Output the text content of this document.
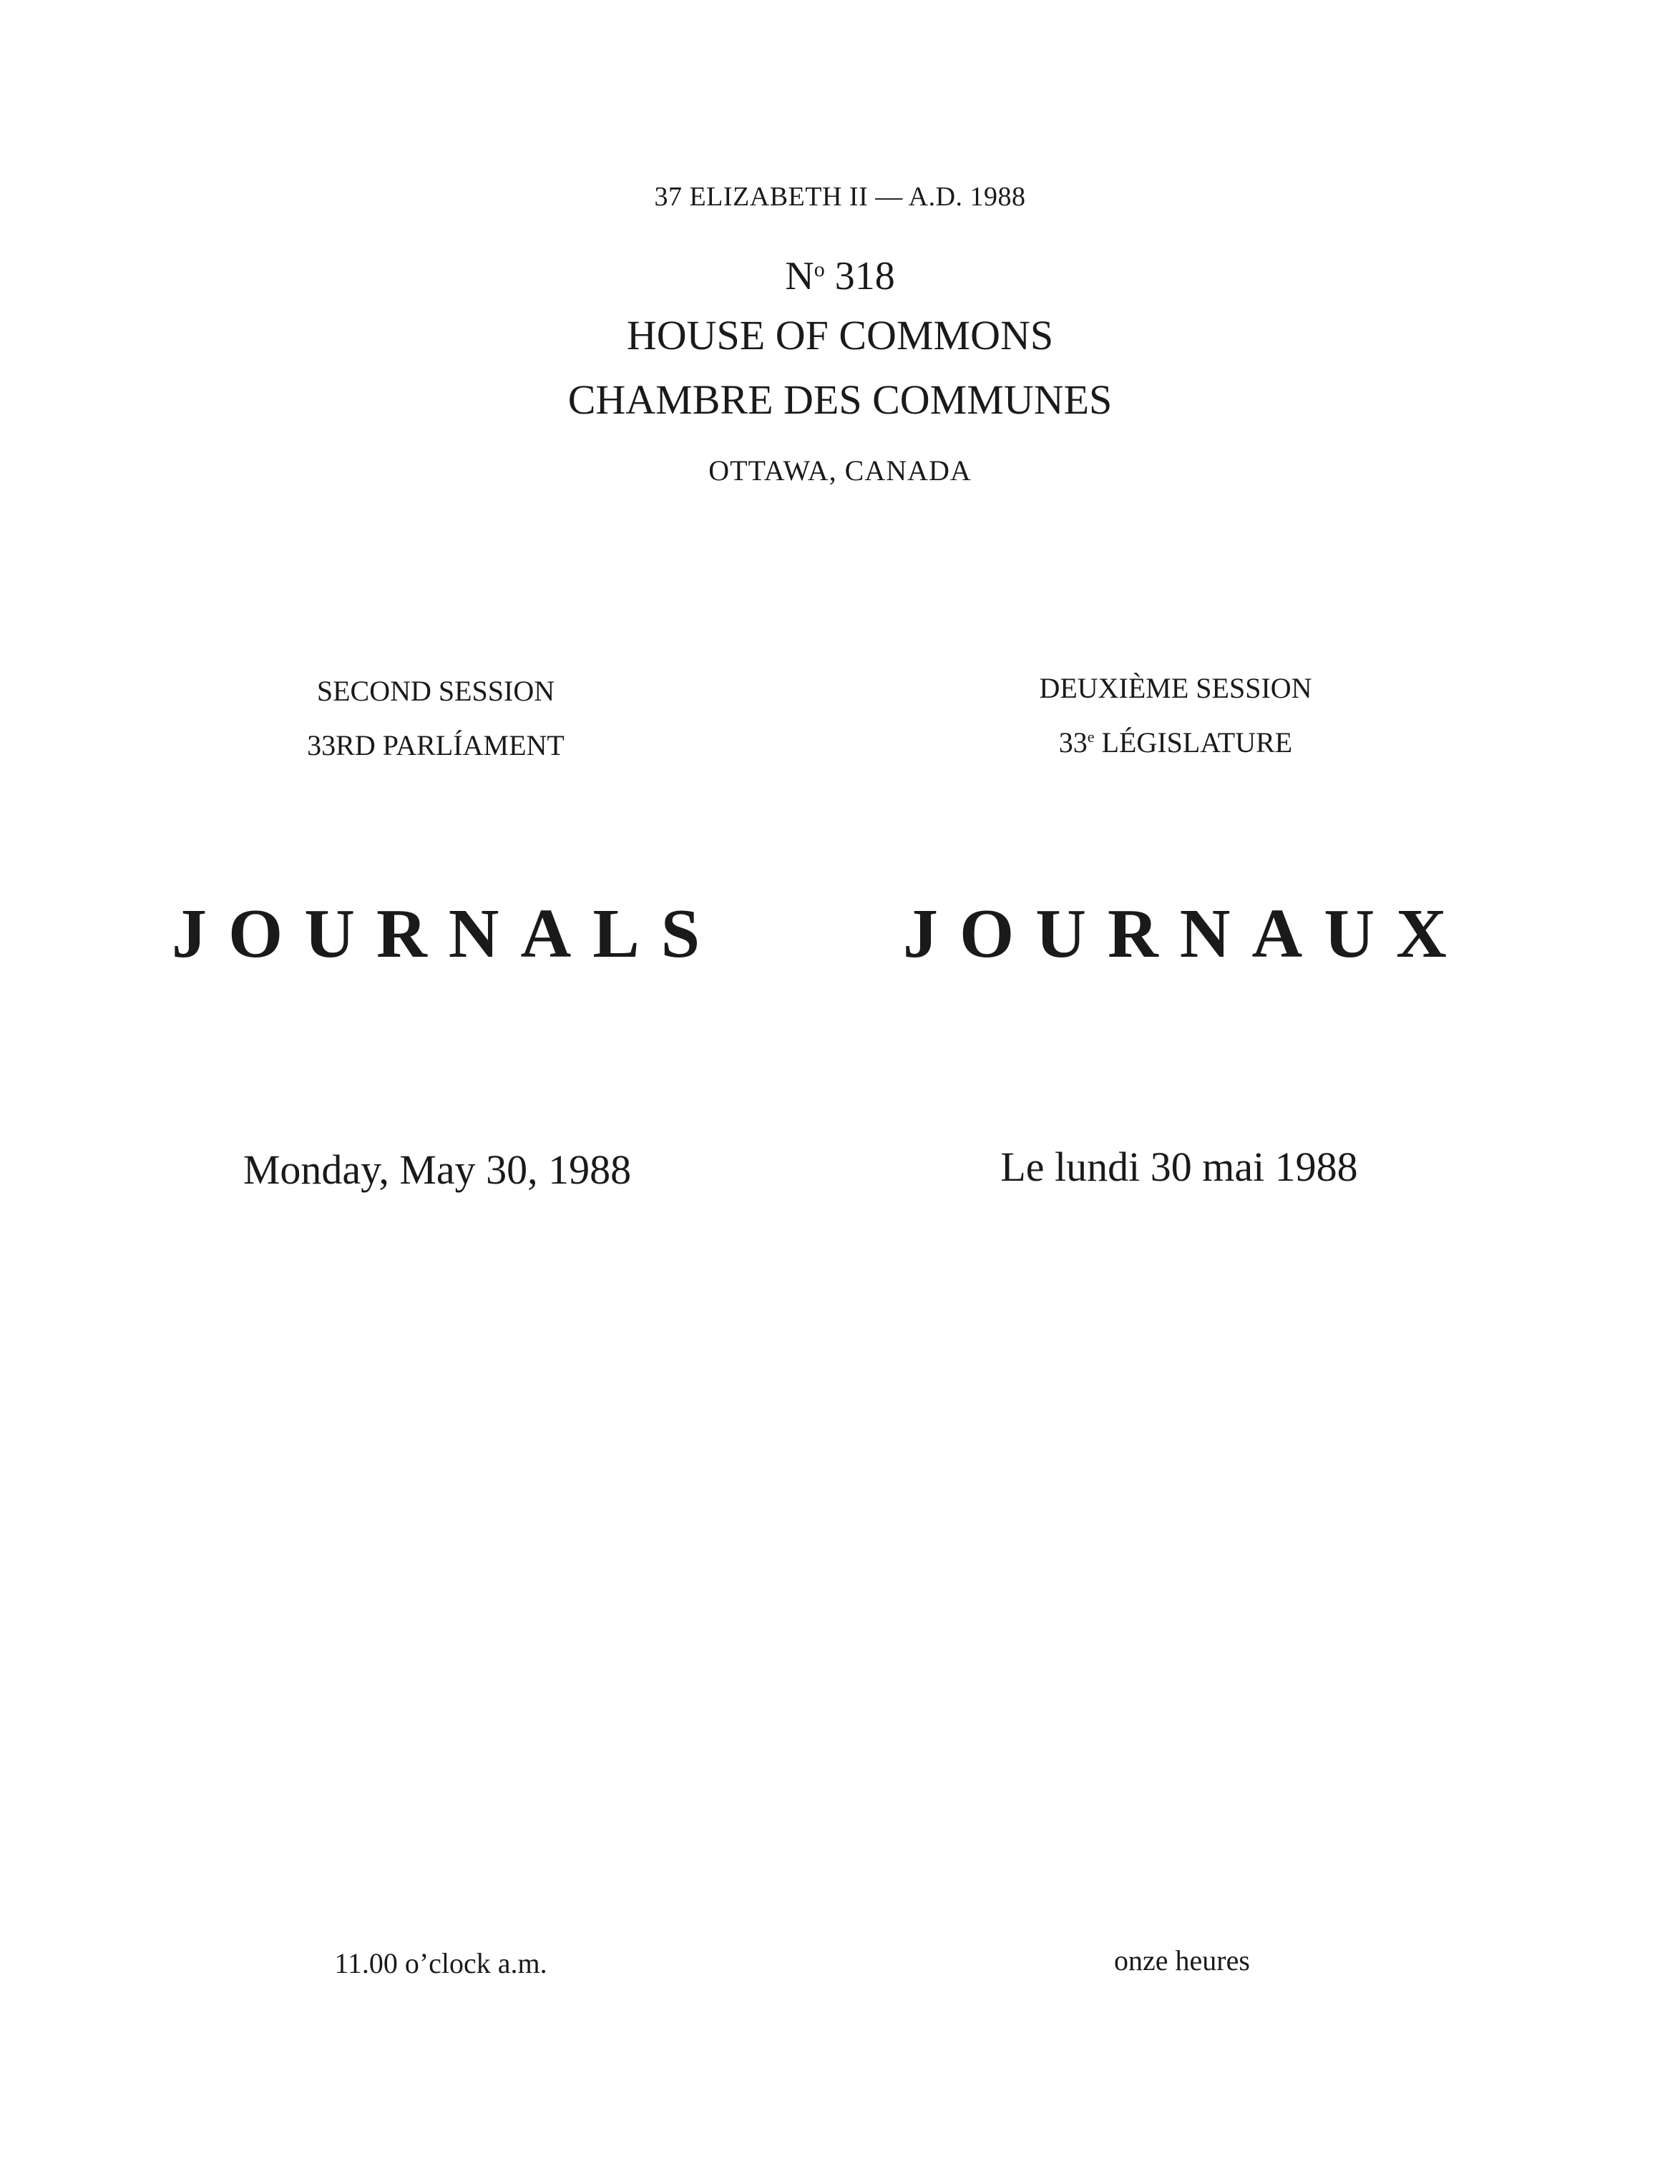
37 ELIZABETH II — A.D. 1988
$N^o$ 318
HOUSE OF COMMONS
CHAMBRE DES COMMUNES
OTTAWA, CANADA
SECOND SESSION
33RD PARLÍAMENT
DEUXIÈME SESSION
33e LÉGISLATURE
JOURNALS	JOURNAUX
Monday, May 30, 1988	Le lundi 30 mai 1988
11.00 o’clock a.m.	onze heures
